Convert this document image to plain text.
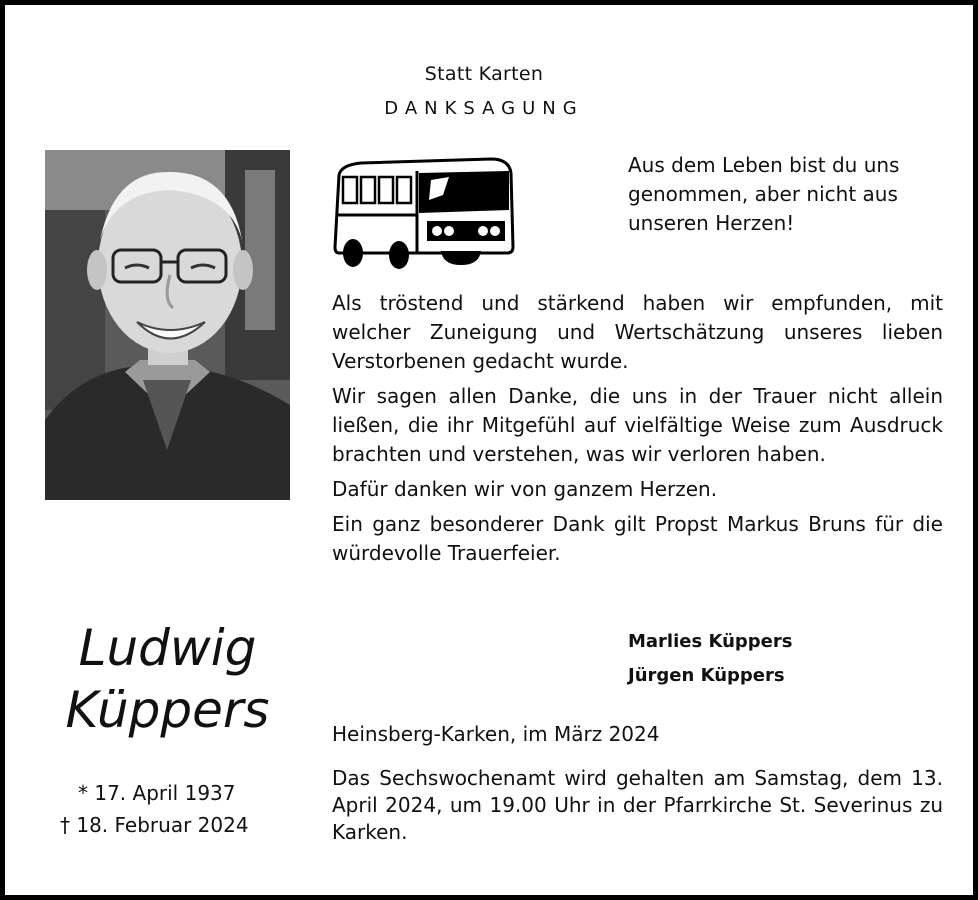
Statt Karten
DANKSAGUNG
Aus dem Leben bist du uns
genommen, aber nicht aus
unseren Herzen!

Als tröstend und stärkend haben wir empfunden, mit welcher Zuneigung und Wertschätzung unseres lieben Verstorbenen gedacht wurde.

Wir sagen allen Danke, die uns in der Trauer nicht allein ließen, die ihr Mitgefühl auf vielfältige Weise zum Ausdruck brachten und verstehen, was wir verloren haben.

Dafür danken wir von ganzem Herzen.

Ein ganz besonderer Dank gilt Propst Markus Bruns für die würdevolle Trauerfeier.

Marlies Küppers
Jürgen Küppers
Heinsberg-Karken, im März 2024
Das Sechswochenamt wird gehalten am Samstag, dem 13. April 2024, um 19.00 Uhr in der Pfarrkirche St. Severinus zu Karken.
Ludwig
Küppers
* 17. April 1937
† 18. Februar 2024
